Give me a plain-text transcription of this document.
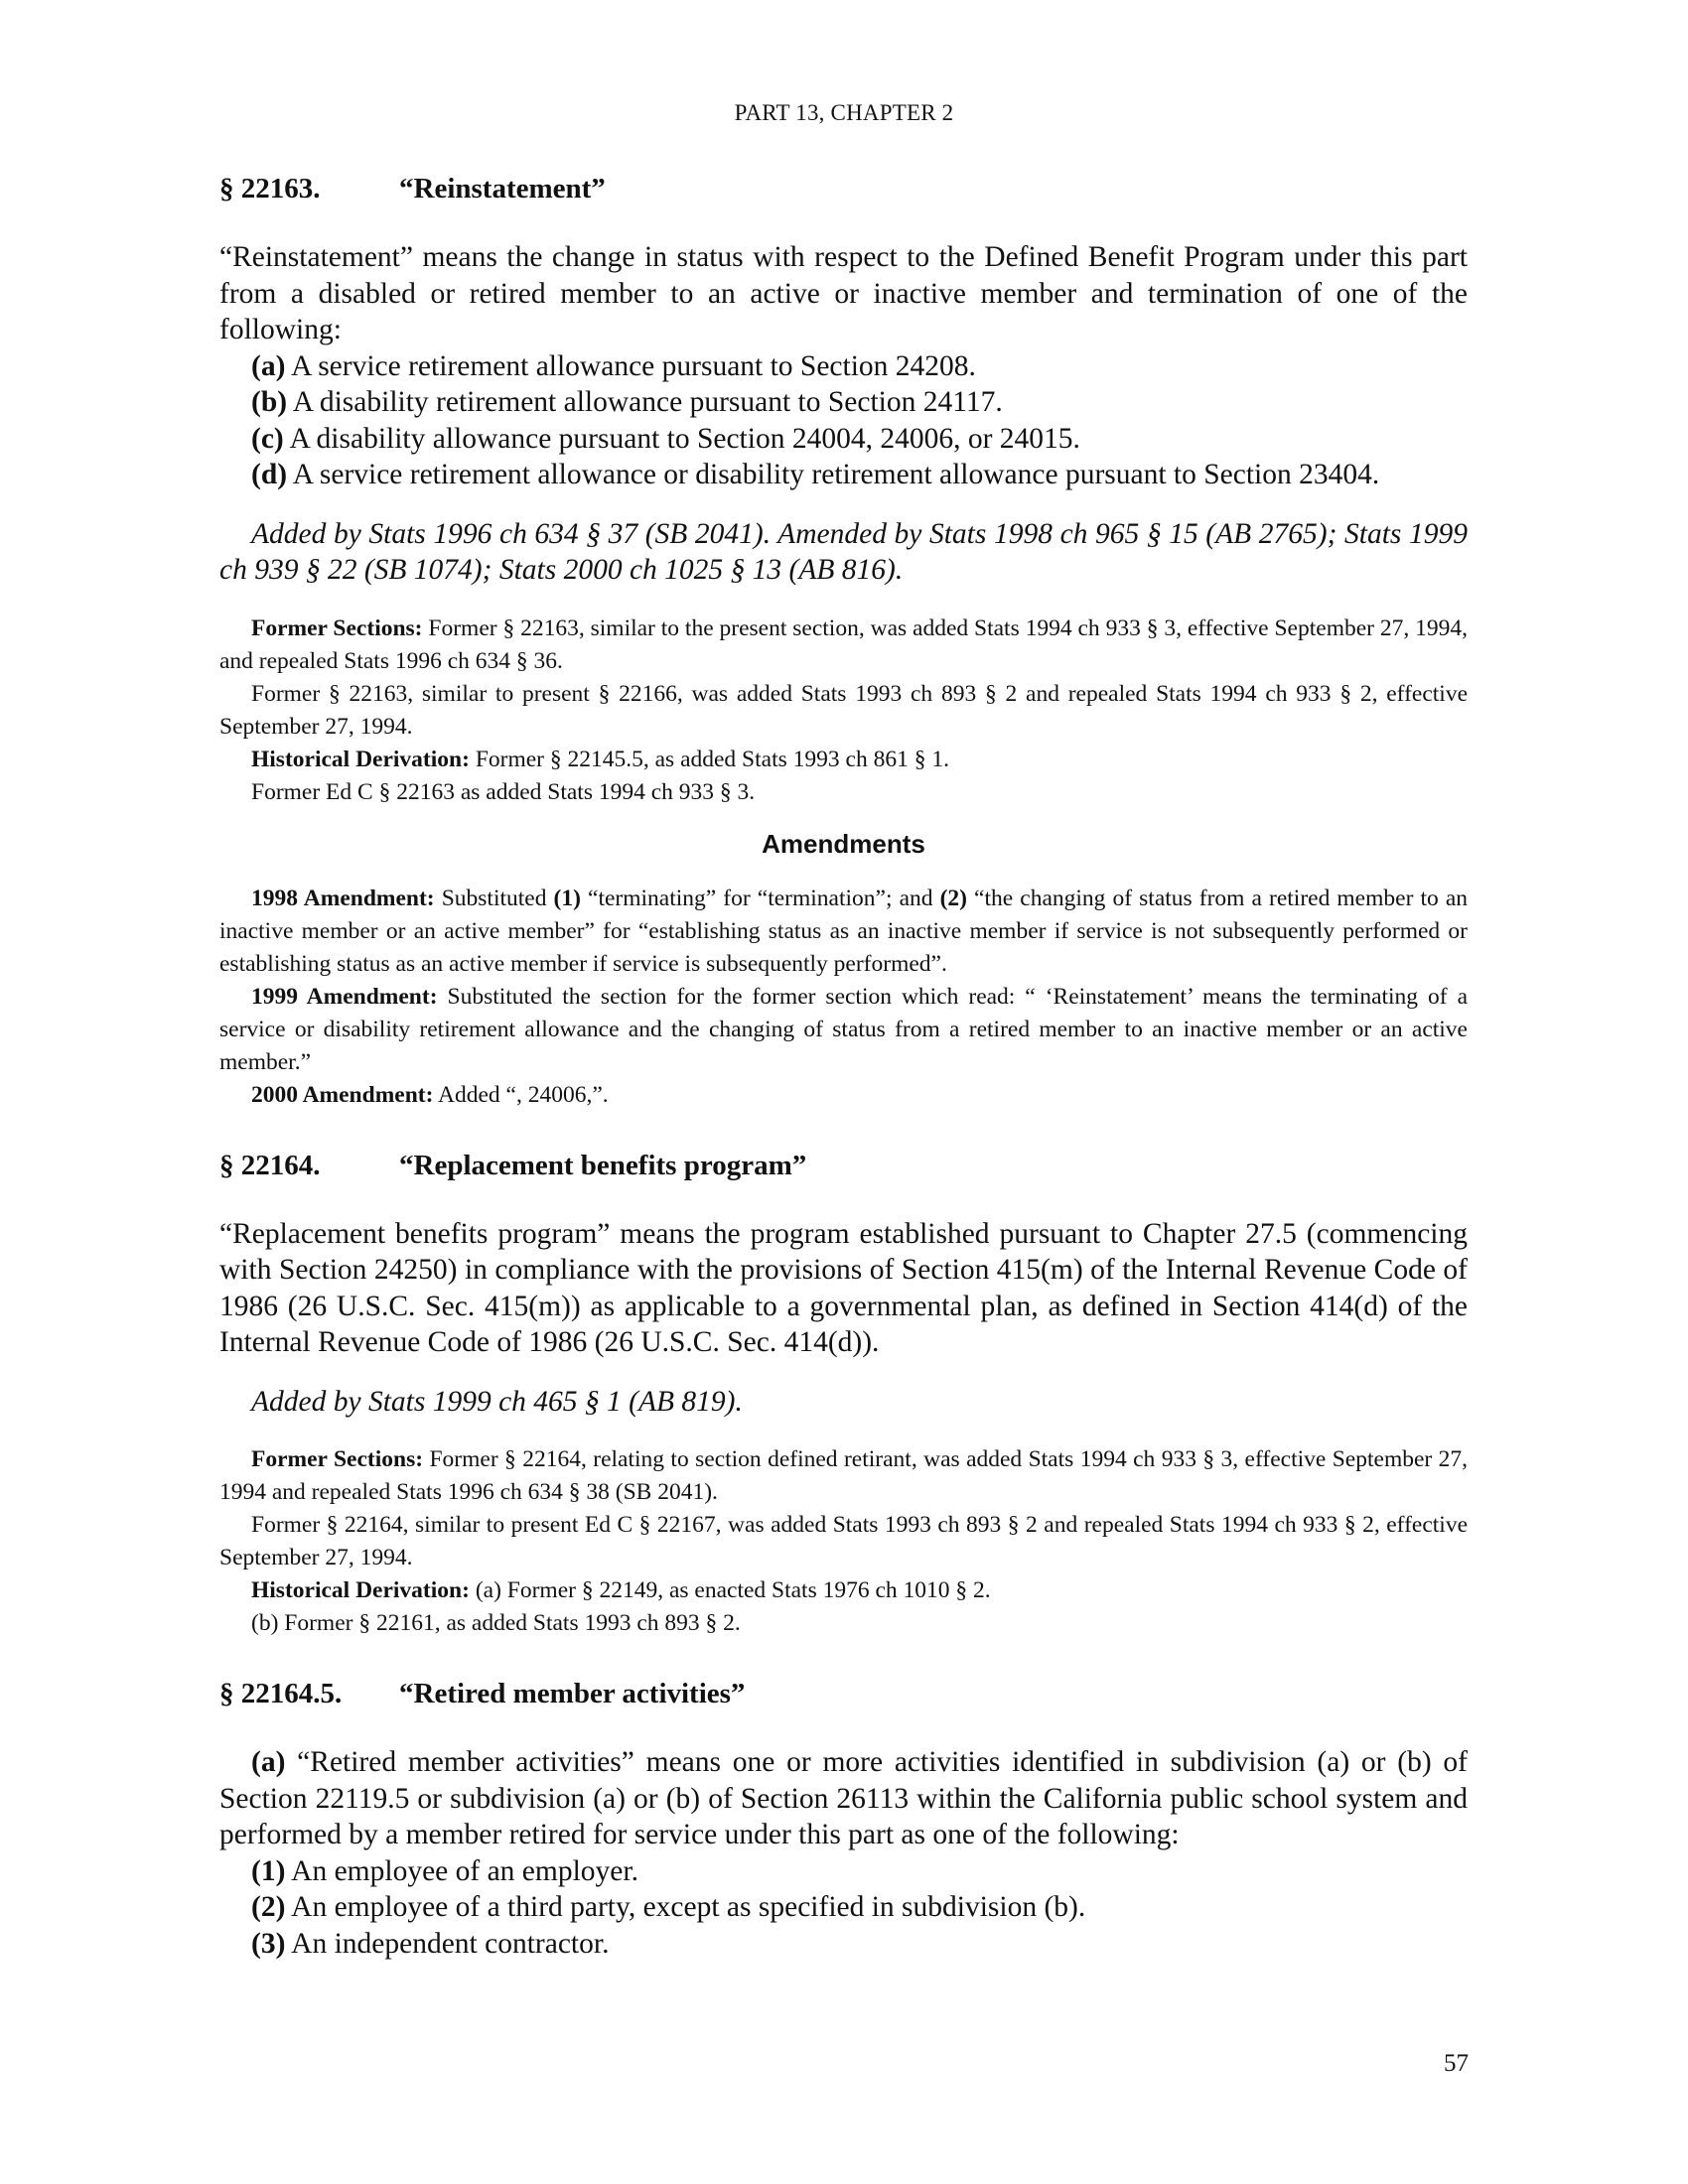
PART 13, CHAPTER 2
§ 22163.	“Reinstatement”

“Reinstatement” means the change in status with respect to the Defined Benefit Program under this part from a disabled or retired member to an active or inactive member and termination of one of the following:

(a) A service retirement allowance pursuant to Section 24208.

(b) A disability retirement allowance pursuant to Section 24117.

(c) A disability allowance pursuant to Section 24004, 24006, or 24015.

(d) A service retirement allowance or disability retirement allowance pursuant to Section 23404.

Added by Stats 1996 ch 634 § 37 (SB 2041). Amended by Stats 1998 ch 965 § 15 (AB 2765); Stats 1999 ch 939 § 22 (SB 1074); Stats 2000 ch 1025 § 13 (AB 816).

Former Sections: Former § 22163, similar to the present section, was added Stats 1994 ch 933 § 3, effective September 27, 1994, and repealed Stats 1996 ch 634 § 36.

Former § 22163, similar to present § 22166, was added Stats 1993 ch 893 § 2 and repealed Stats 1994 ch 933 § 2, effective September 27, 1994.

Historical Derivation: Former § 22145.5, as added Stats 1993 ch 861 § 1.

Former Ed C § 22163 as added Stats 1994 ch 933 § 3.

Amendments

1998 Amendment: Substituted (1) “terminating” for “termination”; and (2) “the changing of status from a retired member to an inactive member or an active member” for “establishing status as an inactive member if service is not subsequently performed or establishing status as an active member if service is subsequently performed”.

1999 Amendment: Substituted the section for the former section which read: “ ‘Reinstatement’ means the terminating of a service or disability retirement allowance and the changing of status from a retired member to an inactive member or an active member.”

2000 Amendment: Added “, 24006,”.

§ 22164.	“Replacement benefits program”

“Replacement benefits program” means the program established pursuant to Chapter 27.5 (commencing with Section 24250) in compliance with the provisions of Section 415(m) of the Internal Revenue Code of 1986 (26 U.S.C. Sec. 415(m)) as applicable to a governmental plan, as defined in Section 414(d) of the Internal Revenue Code of 1986 (26 U.S.C. Sec. 414(d)).

Added by Stats 1999 ch 465 § 1 (AB 819).

Former Sections: Former § 22164, relating to section defined retirant, was added Stats 1994 ch 933 § 3, effective September 27, 1994 and repealed Stats 1996 ch 634 § 38 (SB 2041).

Former § 22164, similar to present Ed C § 22167, was added Stats 1993 ch 893 § 2 and repealed Stats 1994 ch 933 § 2, effective September 27, 1994.

Historical Derivation: (a) Former § 22149, as enacted Stats 1976 ch 1010 § 2.

(b) Former § 22161, as added Stats 1993 ch 893 § 2.

§ 22164.5. “Retired member activities”

(a) “Retired member activities” means one or more activities identified in subdivision (a) or (b) of Section 22119.5 or subdivision (a) or (b) of Section 26113 within the California public school system and performed by a member retired for service under this part as one of the following:

(1) An employee of an employer.

(2) An employee of a third party, except as specified in subdivision (b).

(3) An independent contractor.

57
